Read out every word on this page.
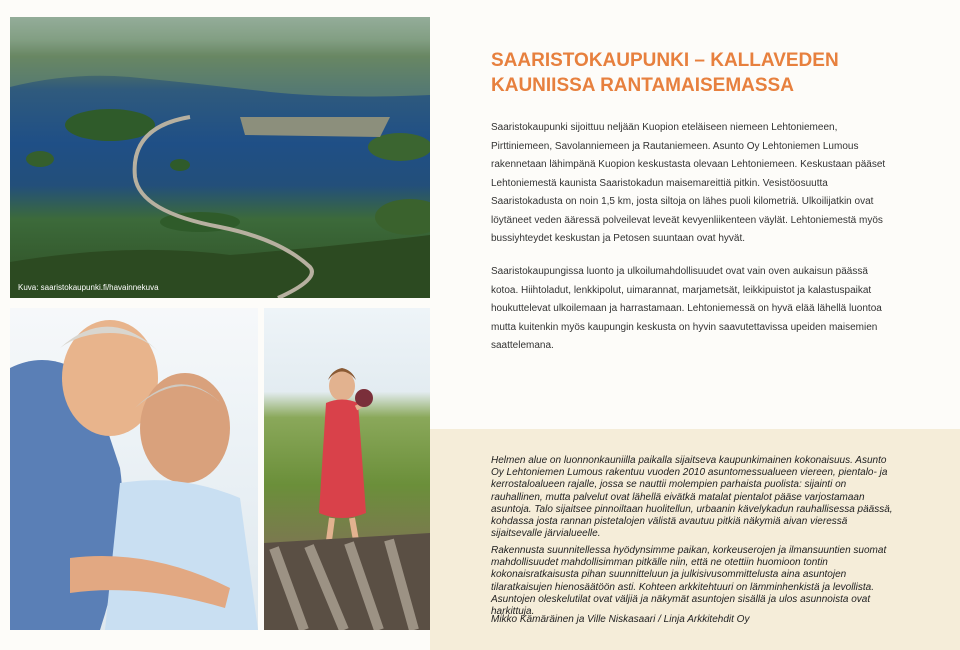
Kuva: saaristokaupunki.fi/havainnekuva
SAARISTOKAUPUNKI – KALLAVEDEN KAUNIISSA RANTAMAISEMASSA

Saaristokaupunki sijoittuu neljään Kuopion eteläiseen niemeen Lehtoniemeen, Pirttiniemeen, Savolanniemeen ja Rautaniemeen. Asunto Oy Lehtoniemen Lumous rakennetaan lähimpänä Kuopion keskustasta olevaan Lehtoniemeen. Keskustaan pääset Lehtoniemestä kaunista Saaristokadun maisemareittiä pitkin. Vesistöosuutta Saaristokadusta on noin 1,5 km, josta siltoja on lähes puoli kilometriä. Ulkoilijatkin ovat löytäneet veden ääressä polveilevat leveät kevyenliikenteen väylät. Lehtoniemestä myös bussiyhteydet keskustan ja Petosen suuntaan ovat hyvät.

Saaristokaupungissa luonto ja ulkoilumahdollisuudet ovat vain oven aukaisun päässä kotoa. Hiihtoladut, lenkkipolut, uimarannat, marjametsät, leikkipuistot ja kalastuspaikat houkuttelevat ulkoilemaan ja harrastamaan. Lehtoniemessä on hyvä elää lähellä luontoa mutta kuitenkin myös kaupungin keskusta on hyvin saavutettavissa upeiden maisemien saattelemana.

Helmen alue on luonnonkauniilla paikalla sijaitseva kaupunkimainen kokonaisuus. Asunto Oy Lehtoniemen Lumous rakentuu vuoden 2010 asuntomessualueen viereen, pientalo- ja kerrostaloalueen rajalle, jossa se nauttii molempien parhaista puolista: sijainti on rauhallinen, mutta palvelut ovat lähellä eivätkä matalat pientalot pääse varjostamaan asuntoja. Talo sijaitsee pinnoiltaan huolitellun, urbaanin kävelykadun rauhallisessa päässä, kohdassa josta rannan pistetalojen välistä avautuu pitkiä näkymiä aivan vieressä sijaitsevalle järvialueelle.

Rakennusta suunnitellessa hyödynsimme paikan, korkeuserojen ja ilmansuuntien suomat mahdollisuudet mahdollisimman pitkälle niin, että ne otettiin huomioon tontin kokonaisratkaisusta pihan suunnitteluun ja julkisivusommittelusta aina asuntojen tilaratkaisujen hienosäätöön asti. Kohteen arkkitehtuuri on lämminhenkistä ja levollista. Asuntojen oleskelutilat ovat väljiä ja näkymät asuntojen sisällä ja ulos asunnoista ovat harkittuja.

Mikko Kämäräinen ja Ville Niskasaari / Linja Arkkitehdit Oy
